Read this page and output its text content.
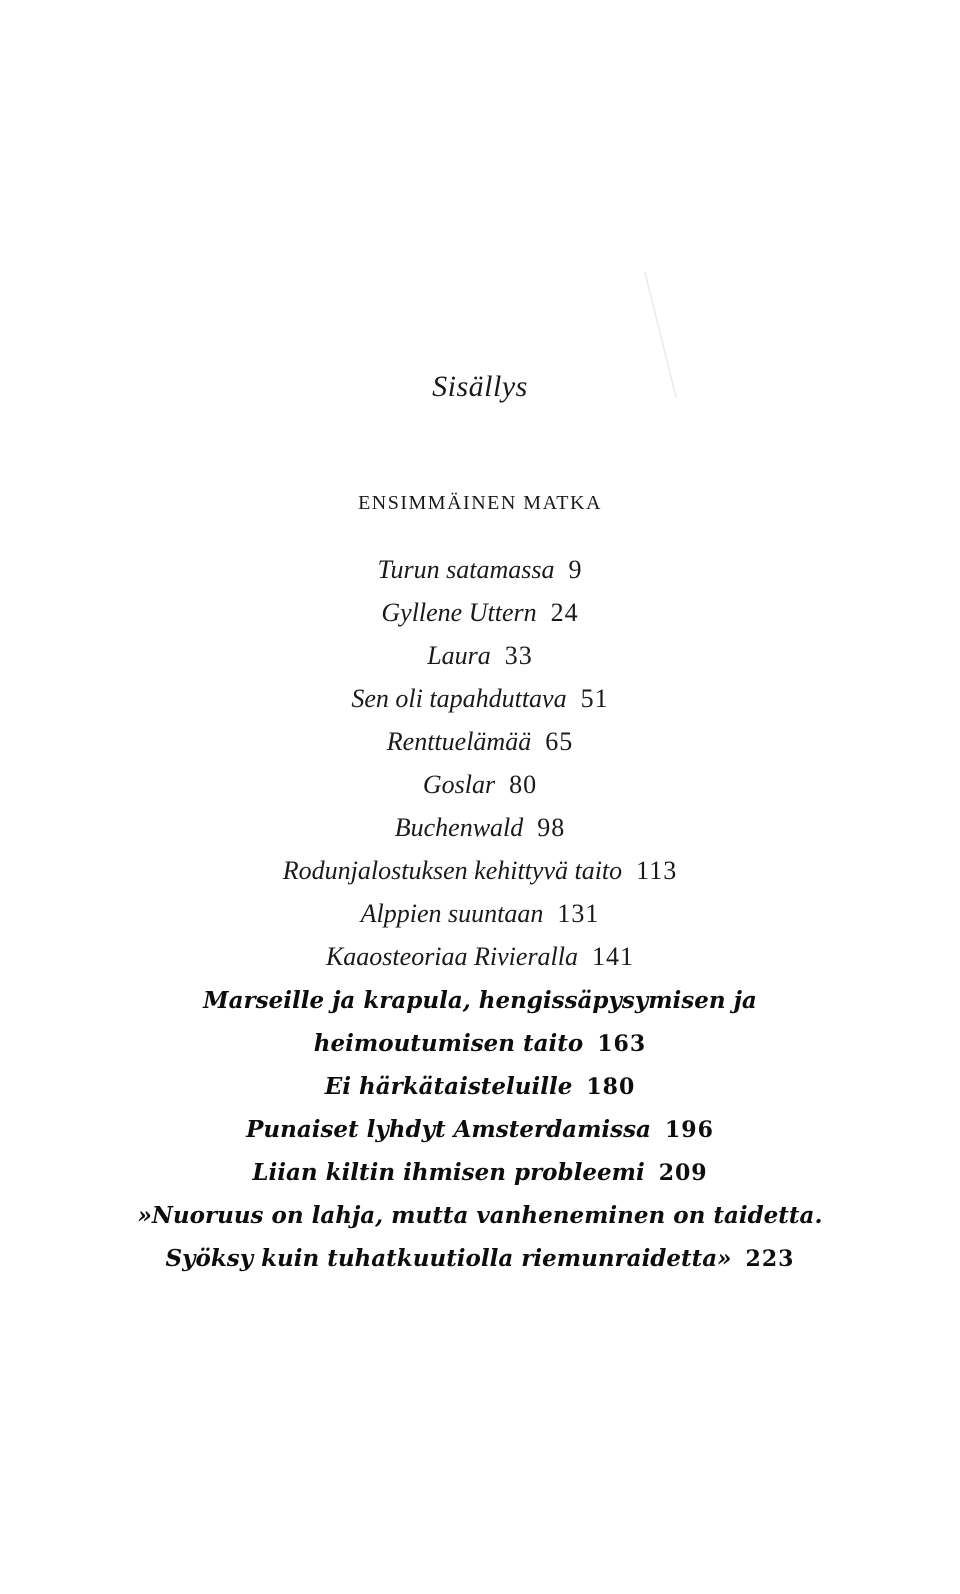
Sisällys
ENSIMMÄINEN MATKA
Turun satamassa 9
Gyllene Uttern 24
Laura 33
Sen oli tapahduttava 51
Renttuelämää 65
Goslar 80
Buchenwald 98
Rodunjalostuksen kehittyvä taito 113
Alppien suuntaan 131
Kaaosteoriaa Rivieralla 141
Marseille ja krapula, hengissäpysymisen ja
heimoutumisen taito 163
Ei härkätaisteluille 180
Punaiset lyhdyt Amsterdamissa 196
Liian kiltin ihmisen probleemi 209
»Nuoruus on lahja, mutta vanheneminen on taidetta.
Syöksy kuin tuhatkuutiolla riemunraidetta» 223
